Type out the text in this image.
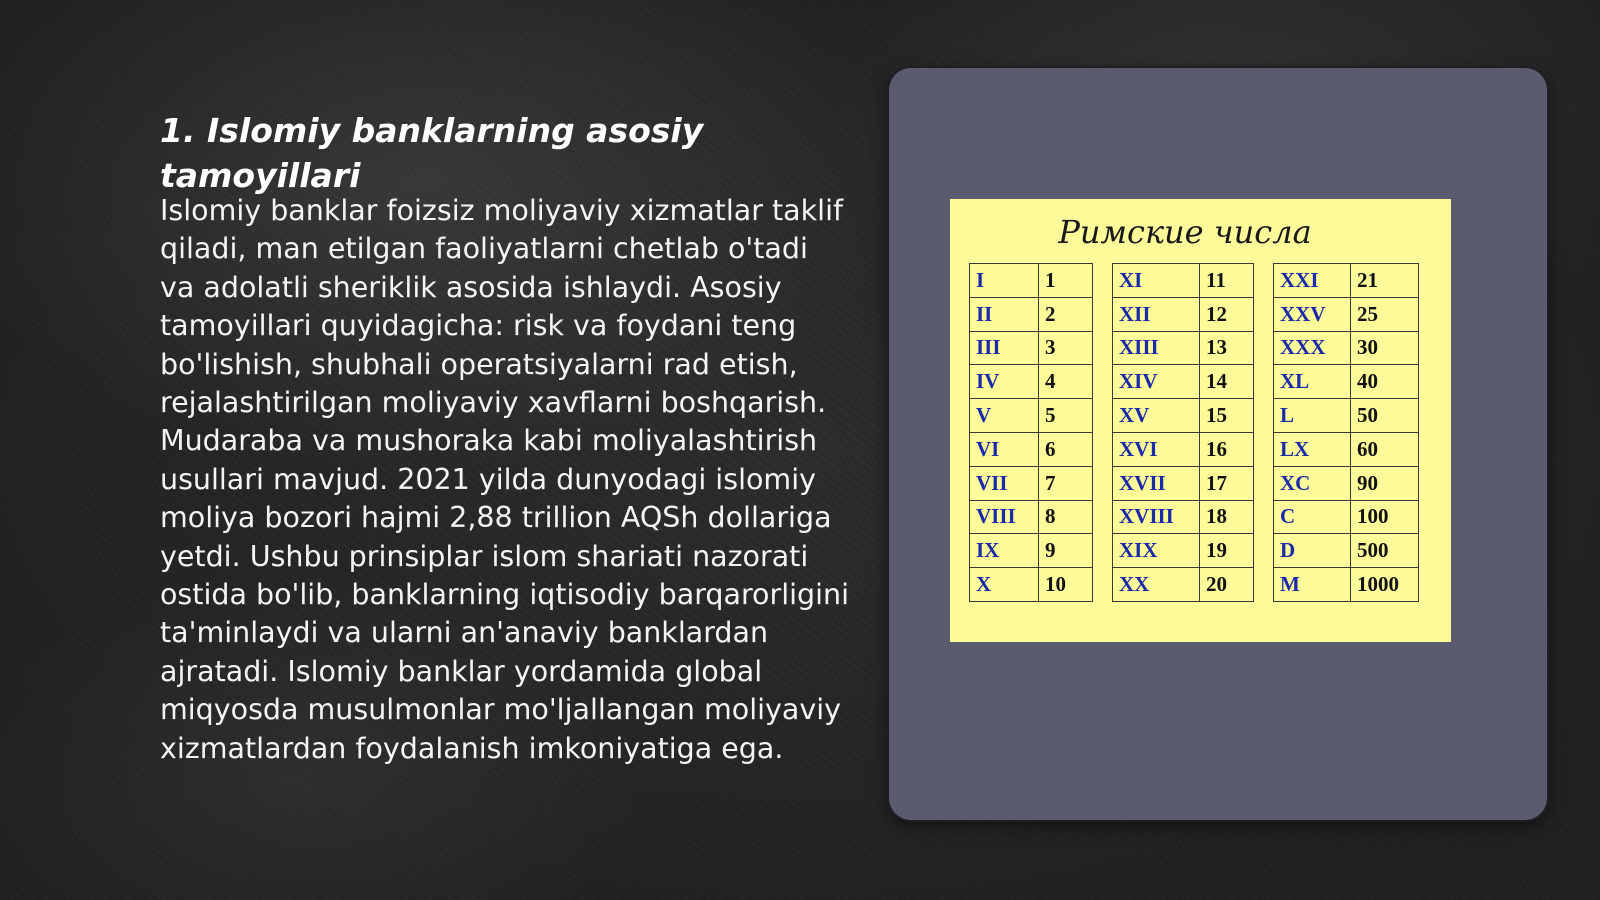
1. Islomiy banklarning asosiy tamoyillari

Islomiy banklar foizsiz moliyaviy xizmatlar taklif qiladi, man etilgan faoliyatlarni chetlab o'tadi va adolatli sheriklik asosida ishlaydi. Asosiy tamoyillari quyidagicha: risk va foydani teng bo'lishish, shubhali operatsiyalarni rad etish, rejalashtirilgan moliyaviy xavflarni boshqarish. Mudaraba va mushoraka kabi moliyalashtirish usullari mavjud. 2021 yilda dunyodagi islomiy moliya bozori hajmi 2,88 trillion AQSh dollariga yetdi. Ushbu prinsiplar islom shariati nazorati ostida bo'lib, banklarning iqtisodiy barqarorligini ta'minlaydi va ularni an'anaviy banklardan ajratadi. Islomiy banklar yordamida global miqyosda musulmonlar mo'ljallangan moliyaviy xizmatlardan foydalanish imkoniyatiga ega.

Римские числа

I	1		XI	11		XXI	21
II	2		XII	12		XXV	25
III	3		XIII	13		XXX	30
IV	4		XIV	14		XL	40
V	5		XV	15		L	50
VI	6		XVI	16		LX	60
VII	7		XVII	17		XC	90
VIII	8		XVIII	18		C	100
IX	9		XIX	19		D	500
X	10		XX	20		M	1000
